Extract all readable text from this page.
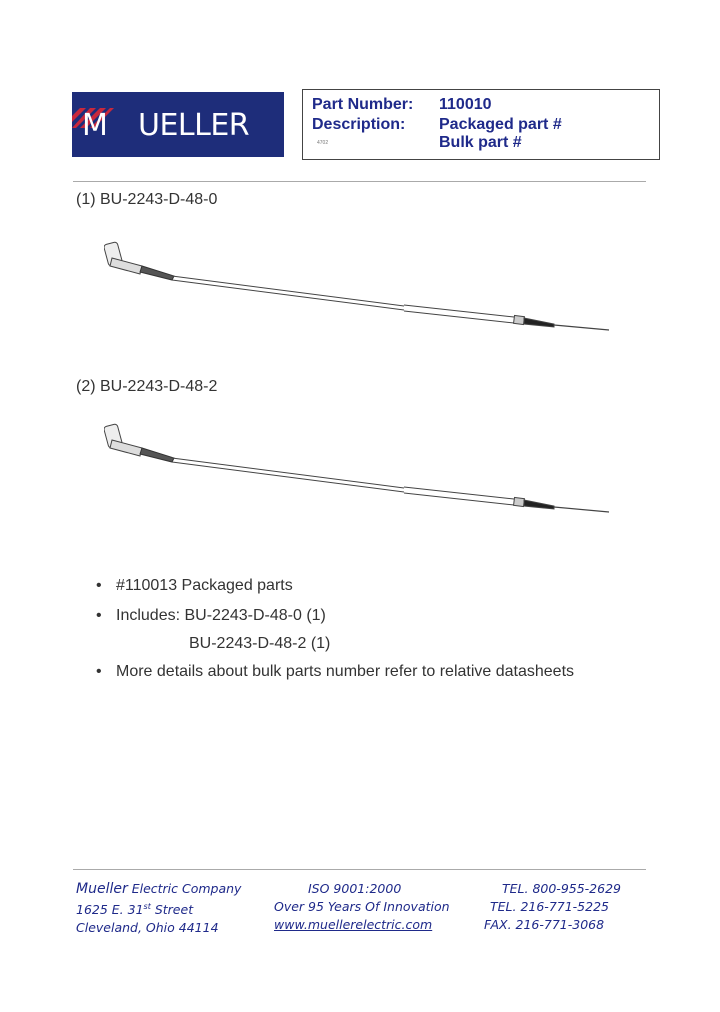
M UELLER
Part Number: 110010
Description: Packaged part #
Bulk part #
4702
(1) BU-2243-D-48-0
(2) BU-2243-D-48-2
• #110013 Packaged parts
• Includes: BU-2243-D-48-0 (1)
BU-2243-D-48-2 (1)
• More details about bulk parts number refer to relative datasheets
Mueller Electric Company
1625 E. 31st Street
Cleveland, Ohio 44114
ISO 9001:2000
Over 95 Years Of Innovation
www.muellerelectric.com
TEL. 800-955-2629
TEL. 216-771-5225
FAX. 216-771-3068
